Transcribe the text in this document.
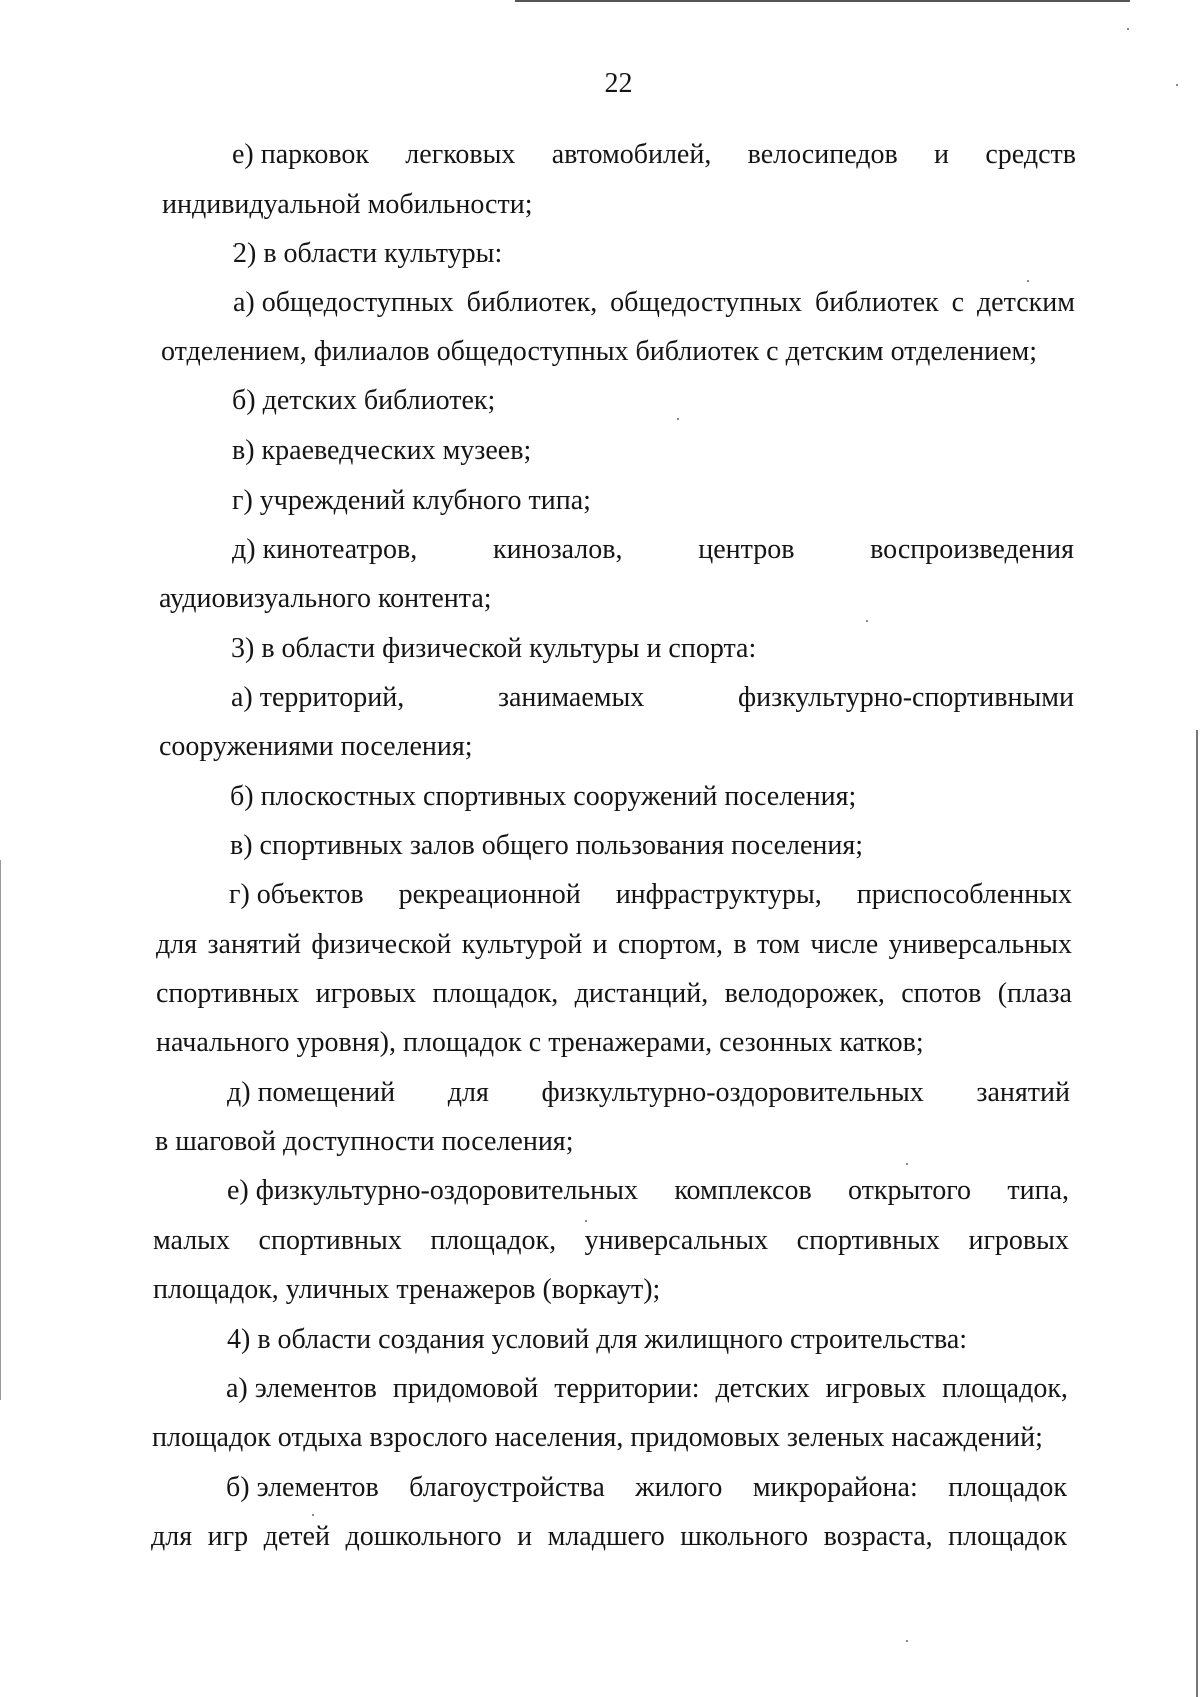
22
е) парковок легковых автомобилей, велосипедов и средств
индивидуальной мобильности;
2) в области культуры:
а) общедоступных библиотек, общедоступных библиотек с детским
отделением, филиалов общедоступных библиотек с детским отделением;
б) детских библиотек;
в) краеведческих музеев;
г) учреждений клубного типа;
д) кинотеатров,	кинозалов,	центров	воспроизведения
аудиовизуального контента;
3) в области физической культуры и спорта:
а) территорий,	занимаемых	физкультурно-спортивными
сооружениями поселения;
б) плоскостных спортивных сооружений поселения;
в) спортивных залов общего пользования поселения;
г) объектов рекреационной инфраструктуры, приспособленных
для занятий физической культурой и спортом, в том числе универсальных
спортивных игровых площадок, дистанций, велодорожек, спотов (плаза
начального уровня), площадок с тренажерами, сезонных катков;
д) помещений для физкультурно-оздоровительных занятий
в шаговой доступности поселения;
е) физкультурно-оздоровительных комплексов открытого типа,
малых спортивных площадок, универсальных спортивных игровых
площадок, уличных тренажеров (воркаут);
4) в области создания условий для жилищного строительства:
а) элементов придомовой территории: детских игровых площадок,
площадок отдыха взрослого населения, придомовых зеленых насаждений;
б) элементов благоустройства жилого микрорайона: площадок
для игр детей дошкольного и младшего школьного возраста, площадок
